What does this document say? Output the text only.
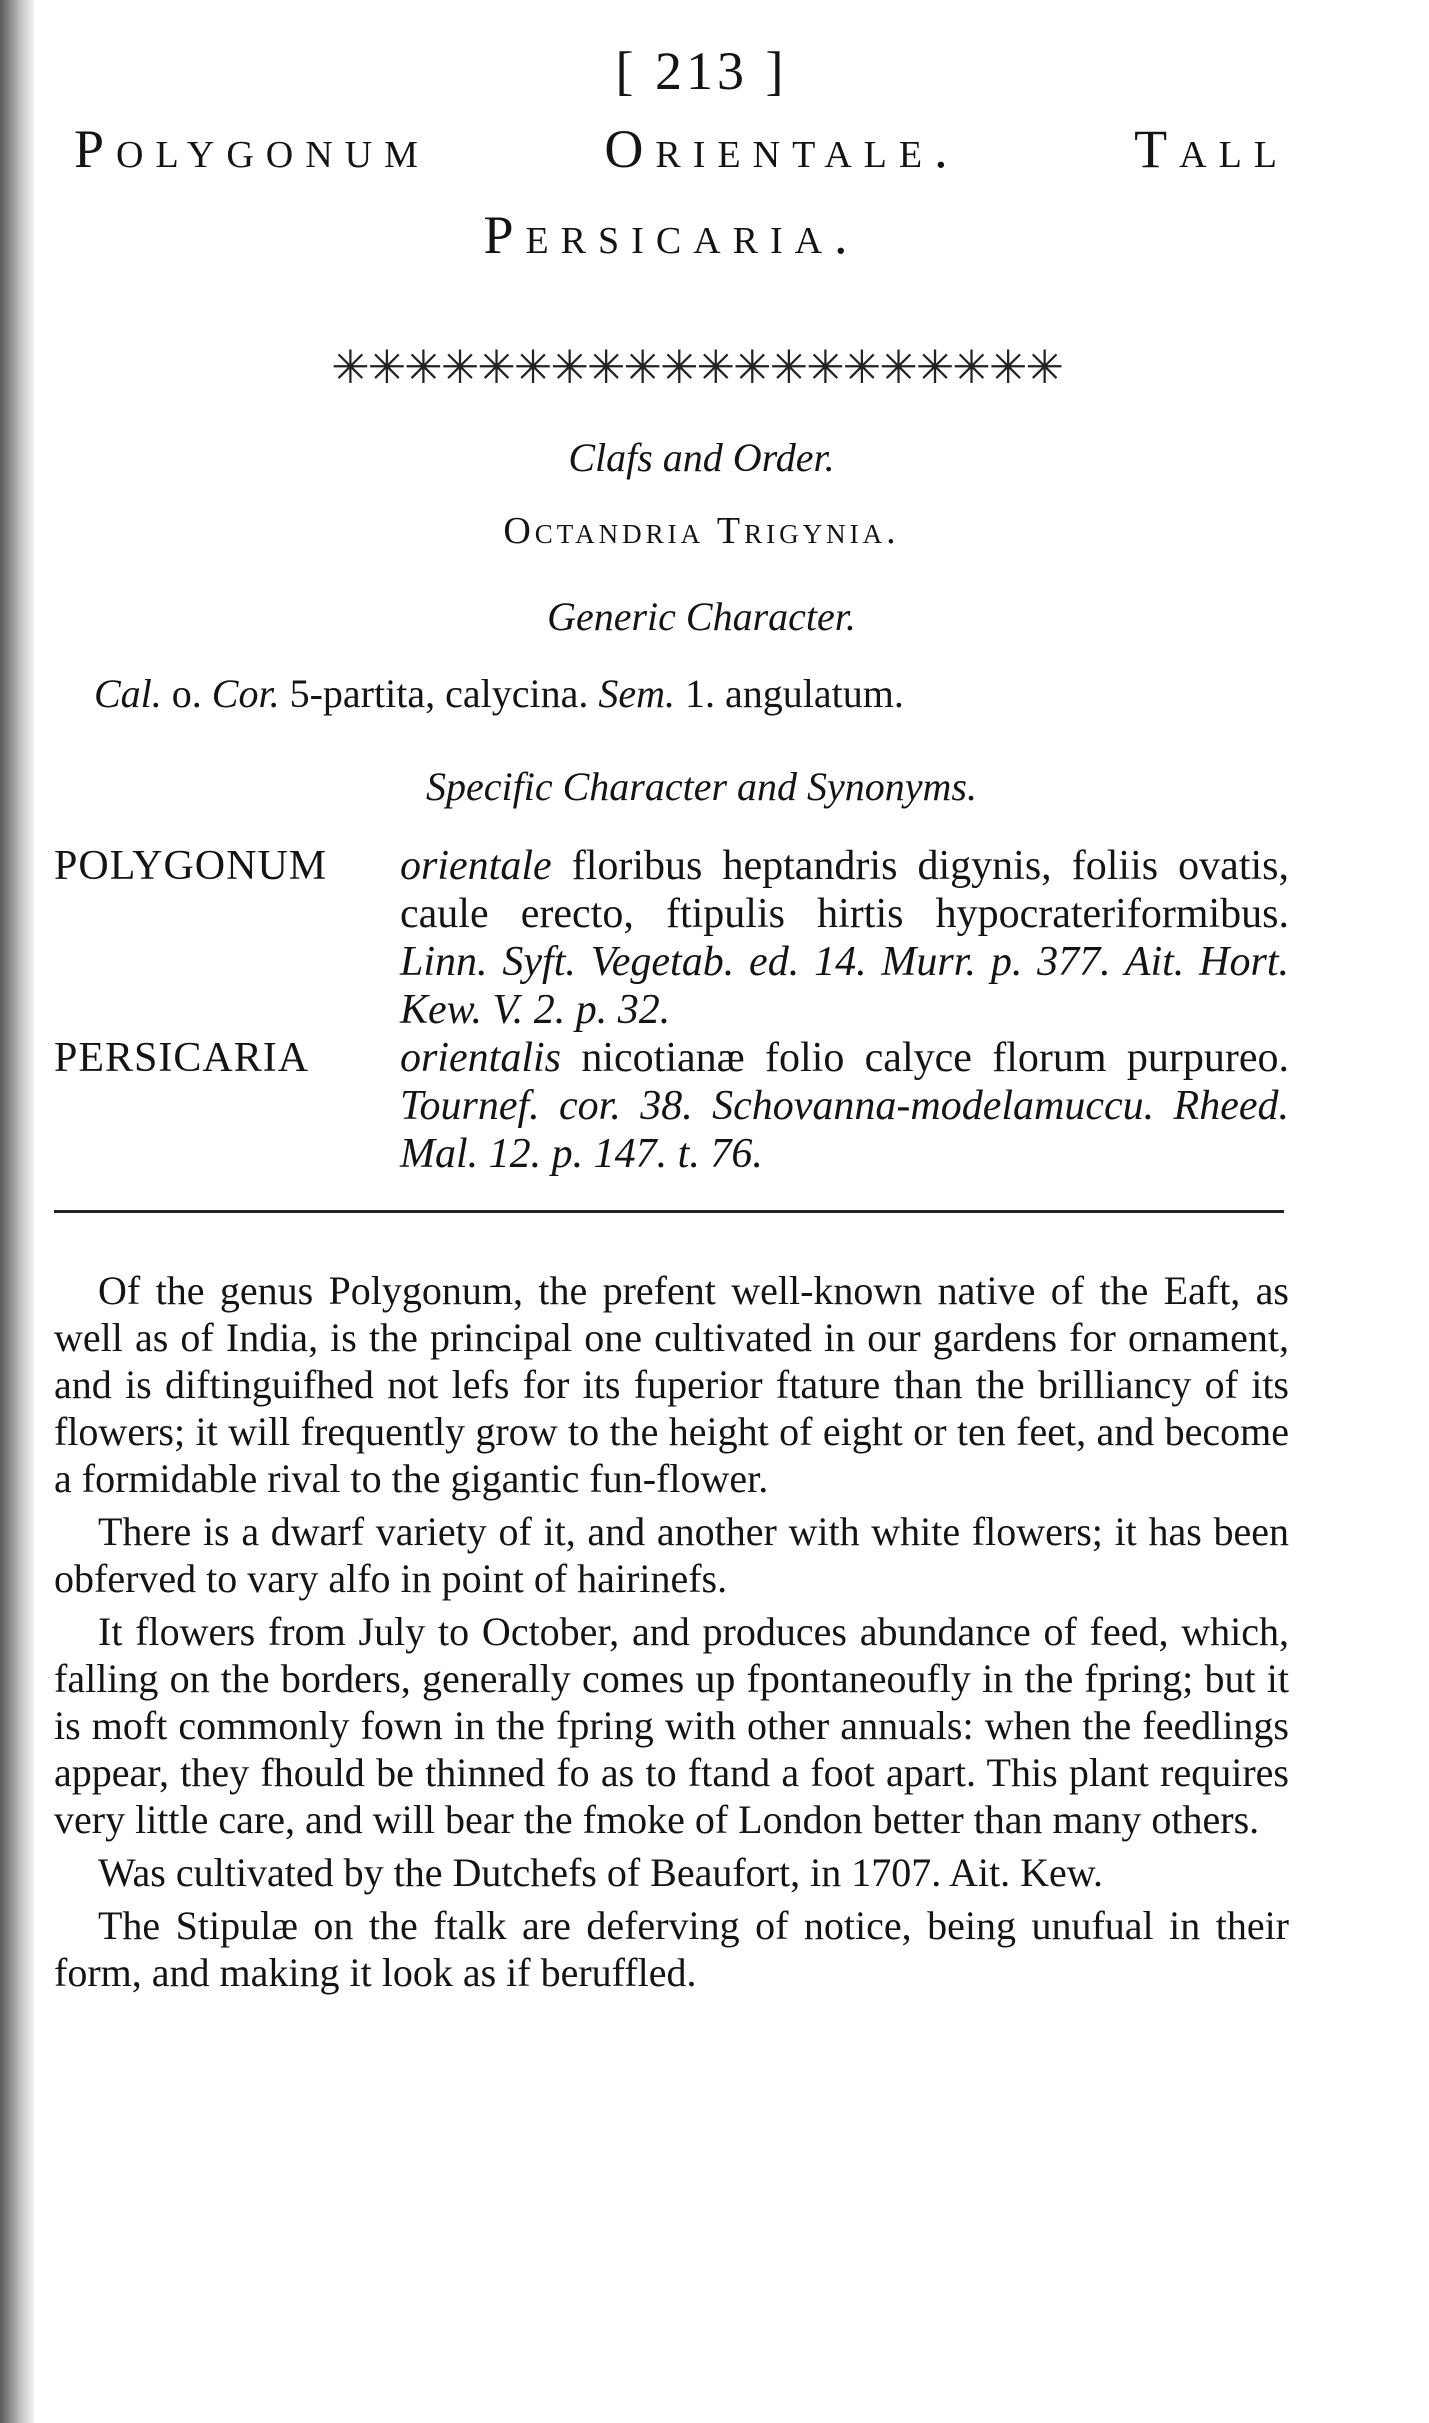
[ 213 ]
Polygonum	Orientale.	Tall
Persicaria.
✳✳✳✳✳✳✳✳✳✳✳✳✳✳✳✳✳✳✳✳
Clafs and Order.
Octandria Trigynia.
Generic Character.
Cal. o. Cor. 5-partita, calycina. Sem. 1. angulatum.
Specific Character and Synonyms.
POLYGONUM	orientale floribus heptandris digynis, foliis ovatis, caule erecto, ftipulis hirtis hypocrateriformibus. Linn. Syft. Vegetab. ed. 14. Murr. p. 377. Ait. Hort. Kew. V. 2. p. 32.
PERSICARIA	orientalis nicotianæ folio calyce florum purpureo. Tournef. cor. 38. Schovanna-modelamuccu. Rheed. Mal. 12. p. 147. t. 76.

Of the genus Polygonum, the prefent well-known native of the Eaft, as well as of India, is the principal one cultivated in our gardens for ornament, and is diftinguifhed not lefs for its fuperior ftature than the brilliancy of its flowers; it will frequently grow to the height of eight or ten feet, and become a formidable rival to the gigantic fun-flower.

There is a dwarf variety of it, and another with white flowers; it has been obferved to vary alfo in point of hairinefs.

It flowers from July to October, and produces abundance of feed, which, falling on the borders, generally comes up fpontaneoufly in the fpring; but it is moft commonly fown in the fpring with other annuals: when the feedlings appear, they fhould be thinned fo as to ftand a foot apart. This plant requires very little care, and will bear the fmoke of London better than many others.

Was cultivated by the Dutchefs of Beaufort, in 1707. Ait. Kew.

The Stipulæ on the ftalk are deferving of notice, being unufual in their form, and making it look as if beruffled.
